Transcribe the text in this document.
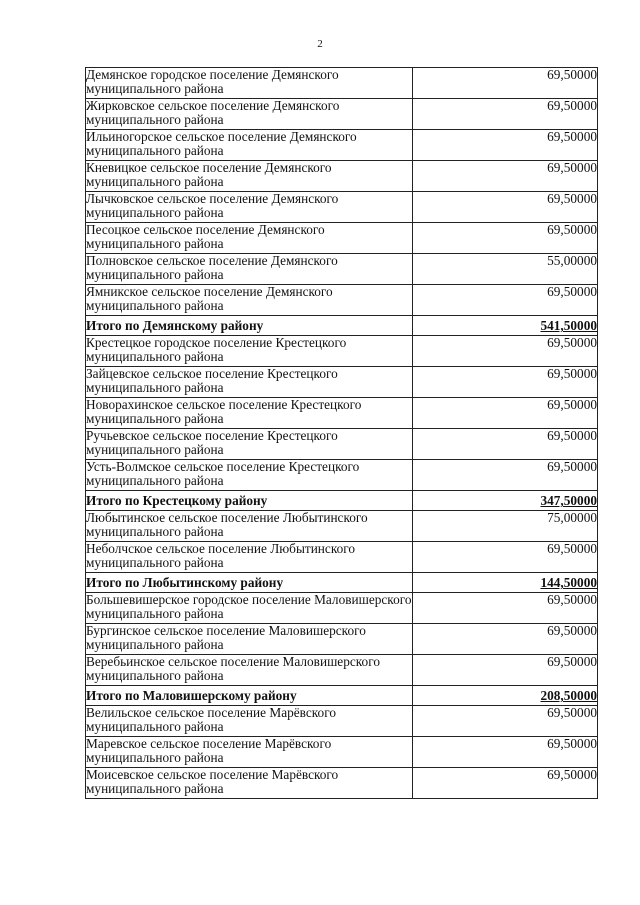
2
Демянское городское поселение Демянского муниципального района	69,50000
Жирковское сельское поселение Демянского муниципального района	69,50000
Ильиногорское сельское поселение Демянского муниципального района	69,50000
Кневицкое сельское поселение Демянского муниципального района	69,50000
Лычковское сельское поселение Демянского муниципального района	69,50000
Песоцкое сельское поселение Демянского муниципального района	69,50000
Полновское сельское поселение Демянского муниципального района	55,00000
Ямникское сельское поселение Демянского муниципального района	69,50000
Итого по Демянскому району	541,50000
Крестецкое городское поселение Крестецкого муниципального района	69,50000
Зайцевское сельское поселение Крестецкого муниципального района	69,50000
Новорахинское сельское поселение Крестецкого муниципального района	69,50000
Ручьевское сельское поселение Крестецкого муниципального района	69,50000
Усть-Волмское сельское поселение Крестецкого муниципального района	69,50000
Итого по Крестецкому району	347,50000
Любытинское сельское поселение Любытинского муниципального района	75,00000
Неболчское сельское поселение Любытинского муниципального района	69,50000
Итого по Любытинскому району	144,50000
Большевишерское городское поселение Маловишерского муниципального района	69,50000
Бургинское сельское поселение Маловишерского муниципального района	69,50000
Веребьинское сельское поселение Маловишерского муниципального района	69,50000
Итого по Маловишерскому району	208,50000
Велильское сельское поселение Марёвского муниципального района	69,50000
Маревское сельское поселение Марёвского муниципального района	69,50000
Моисевское сельское поселение Марёвского муниципального района	69,50000
